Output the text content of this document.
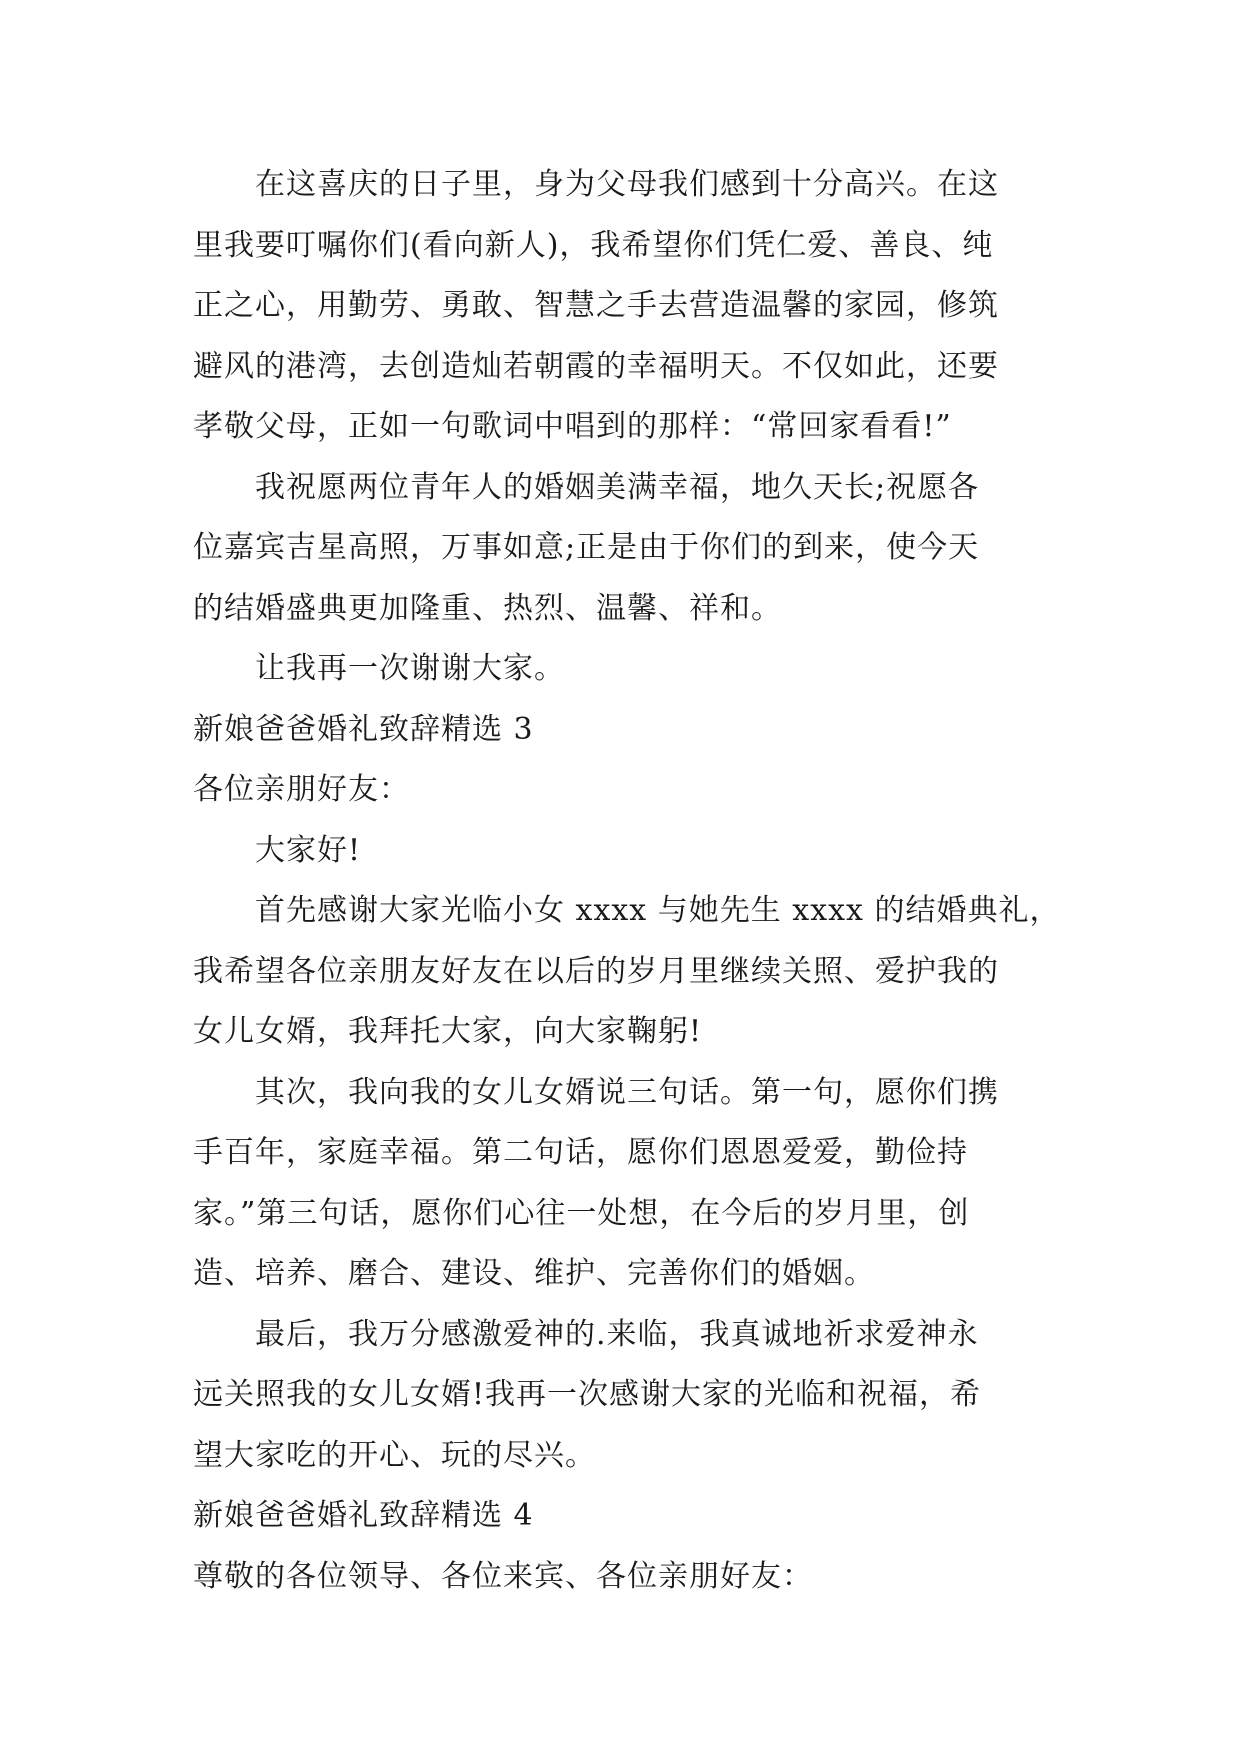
在这喜庆的日子里，身为父母我们感到十分高兴。在这
里我要叮嘱你们(看向新人)，我希望你们凭仁爱、善良、纯
正之心，用勤劳、勇敢、智慧之手去营造温馨的家园，修筑
避风的港湾，去创造灿若朝霞的幸福明天。不仅如此，还要
孝敬父母，正如一句歌词中唱到的那样：“常回家看看!”
我祝愿两位青年人的婚姻美满幸福，地久天长;祝愿各
位嘉宾吉星高照，万事如意;正是由于你们的到来，使今天
的结婚盛典更加隆重、热烈、温馨、祥和。
让我再一次谢谢大家。
新娘爸爸婚礼致辞精选 3
各位亲朋好友：
大家好!
首先感谢大家光临小女 xxxx 与她先生 xxxx 的结婚典礼，
我希望各位亲朋友好友在以后的岁月里继续关照、爱护我的
女儿女婿，我拜托大家，向大家鞠躬!
其次，我向我的女儿女婿说三句话。第一句，愿你们携
手百年，家庭幸福。第二句话，愿你们恩恩爱爱，勤俭持
家。”第三句话，愿你们心往一处想，在今后的岁月里，创
造、培养、磨合、建设、维护、完善你们的婚姻。
最后，我万分感激爱神的.来临，我真诚地祈求爱神永
远关照我的女儿女婿!我再一次感谢大家的光临和祝福，希
望大家吃的开心、玩的尽兴。
新娘爸爸婚礼致辞精选 4
尊敬的各位领导、各位来宾、各位亲朋好友：
